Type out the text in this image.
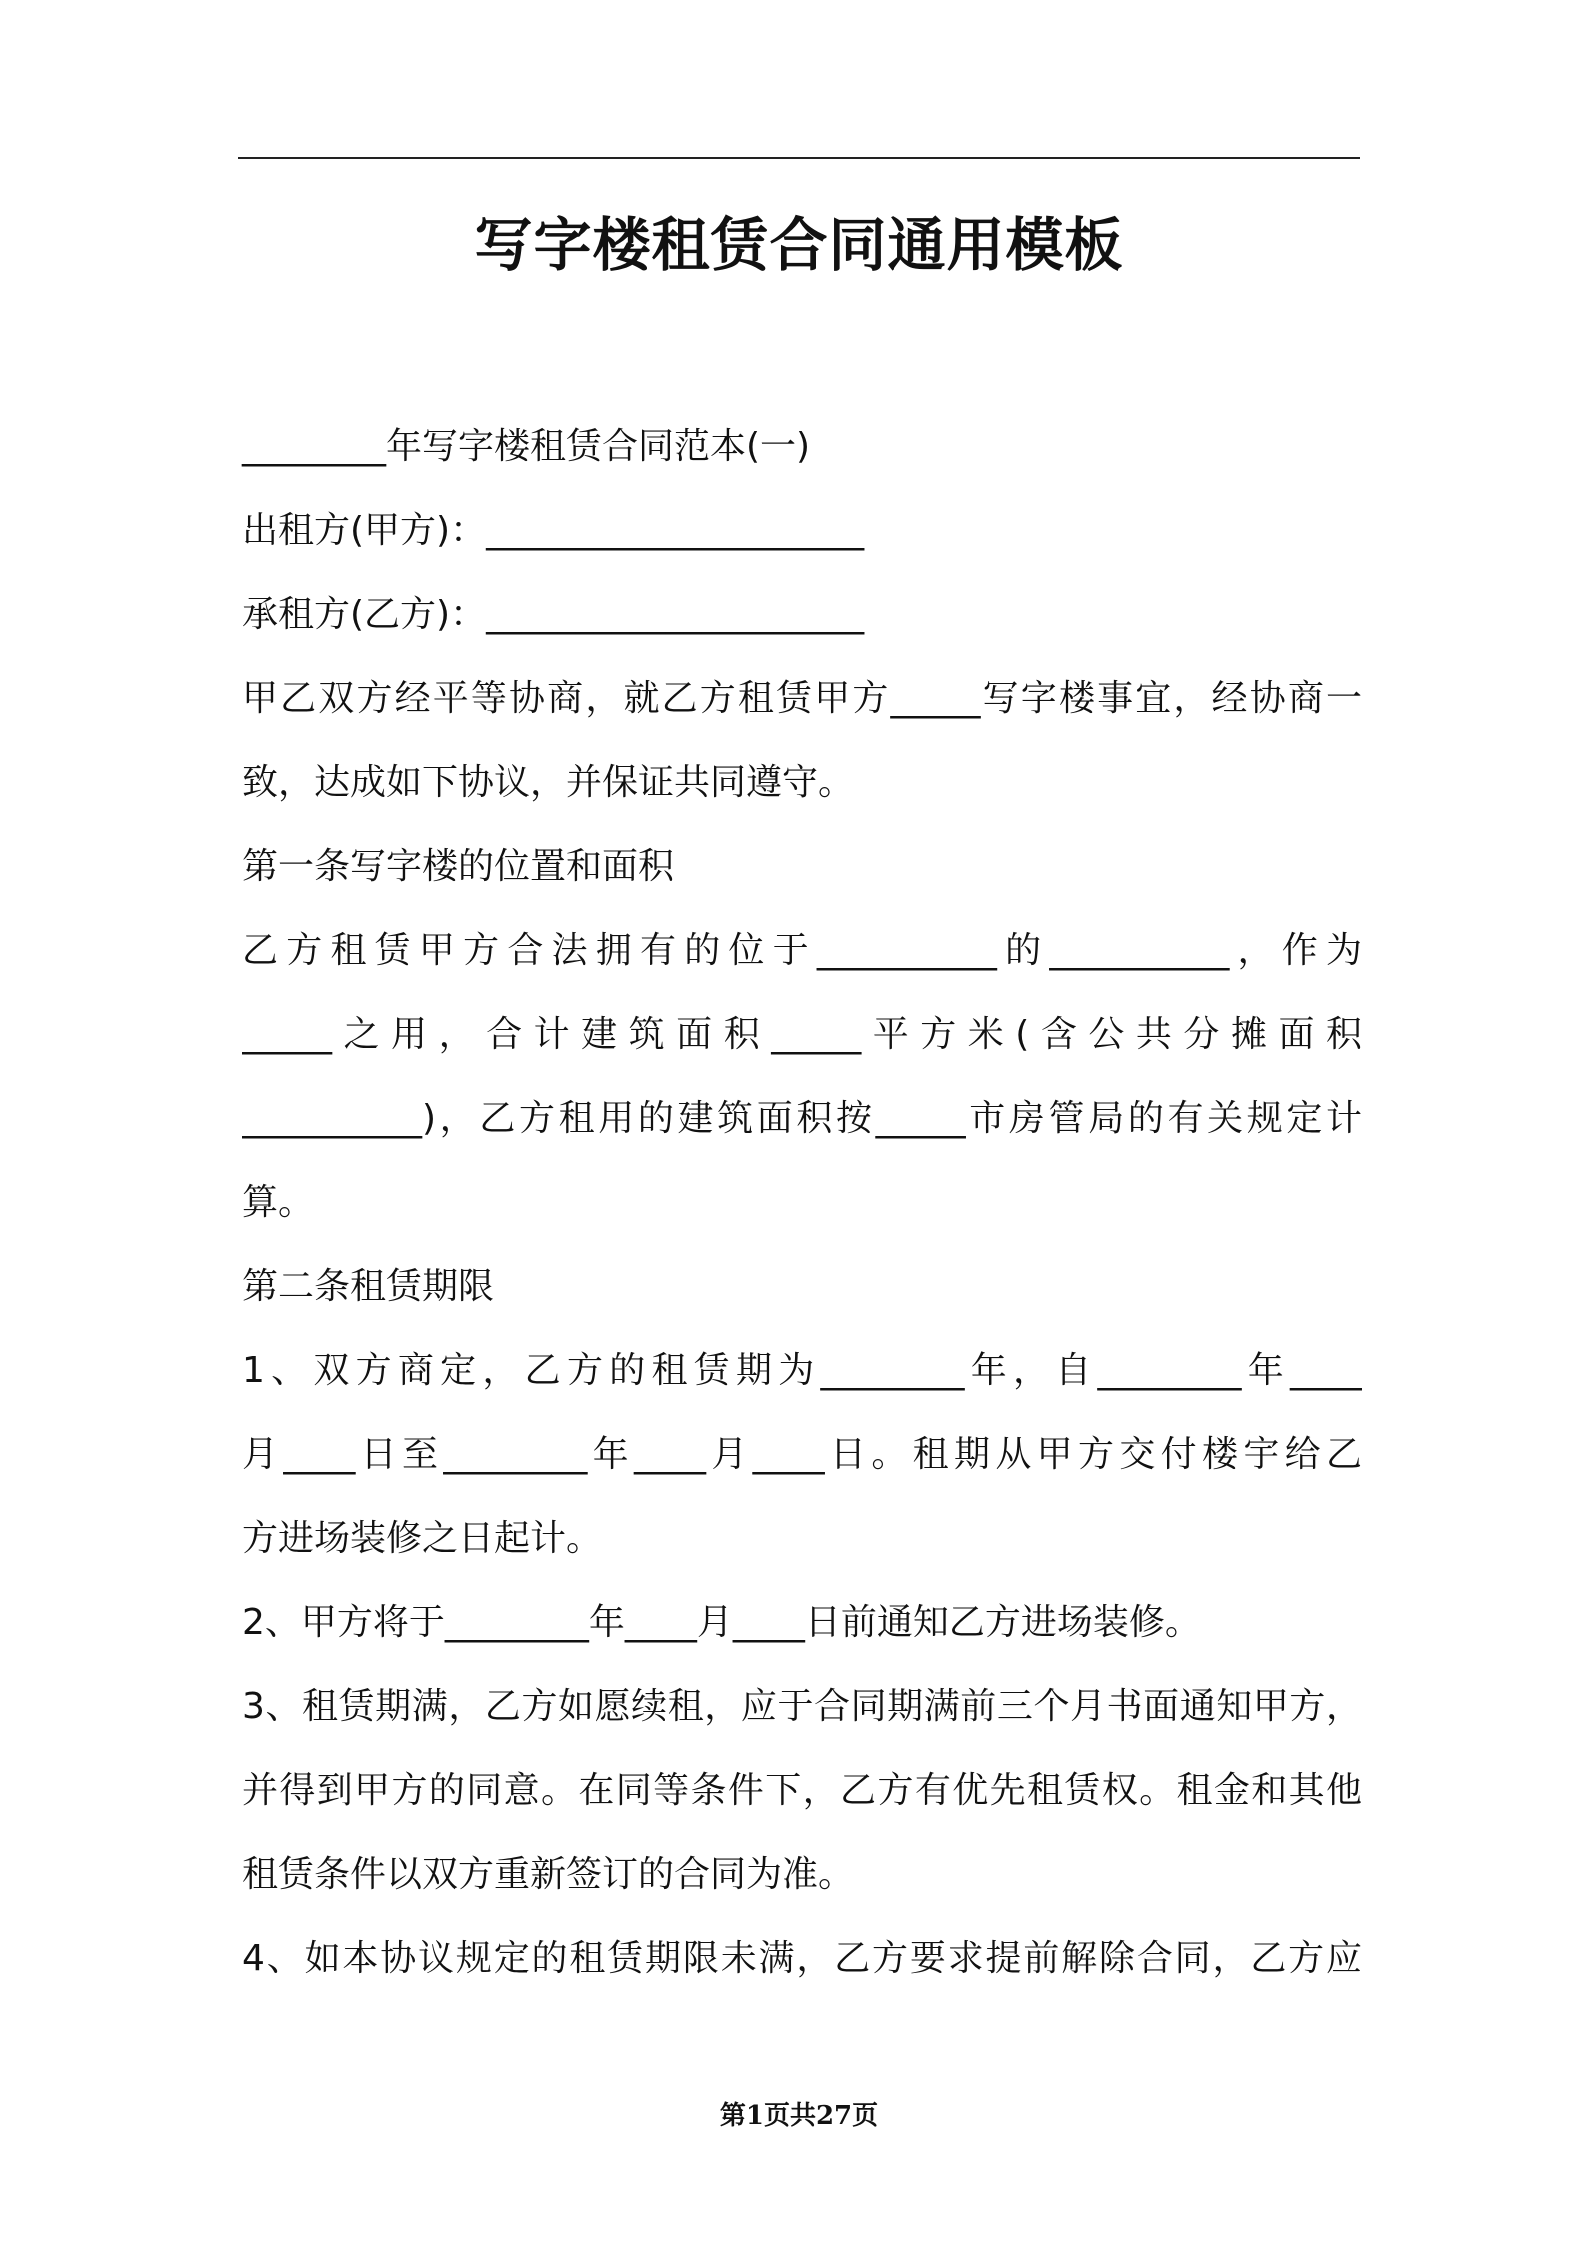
写字楼租赁合同通用模板
________年写字楼租赁合同范本(一)
出租方(甲方)：_____________________
承租方(乙方)：_____________________
甲乙双方经平等协商，就乙方租赁甲方_____写字楼事宜，经协商一
致，达成如下协议，并保证共同遵守。
第一条写字楼的位置和面积
乙方租赁甲方合法拥有的位于__________的__________，作为
_____之用，合计建筑面积_____平方米(含公共分摊面积
__________)，乙方租用的建筑面积按_____市房管局的有关规定计
算。
第二条租赁期限
1、双方商定，乙方的租赁期为________年，自________年____
月____日至________年____月____日。租期从甲方交付楼宇给乙
方进场装修之日起计。
2、甲方将于________年____月____日前通知乙方进场装修。
3、租赁期满，乙方如愿续租，应于合同期满前三个月书面通知甲方，
并得到甲方的同意。在同等条件下，乙方有优先租赁权。租金和其他
租赁条件以双方重新签订的合同为准。
4、如本协议规定的租赁期限未满，乙方要求提前解除合同，乙方应
第1页共27页
